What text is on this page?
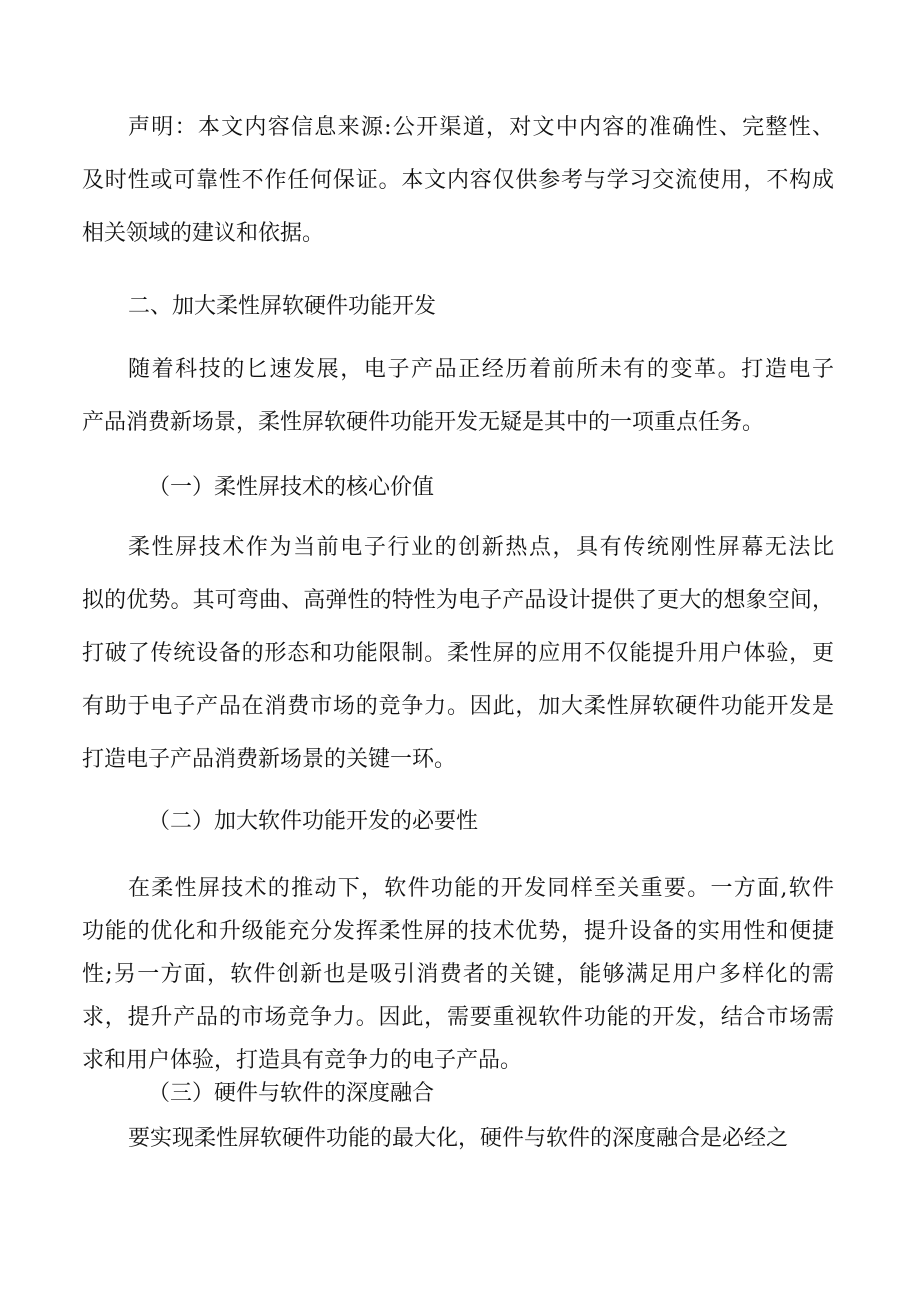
声明：本文内容信息来源:公开渠道，对文中内容的准确性、完整性、
及时性或可靠性不作任何保证。本文内容仅供参考与学习交流使用，不构成
相关领域的建议和依据。
二、加大柔性屏软硬件功能开发
随着科技的匕速发展，电子产品正经历着前所未有的变革。打造电子
产品消费新场景，柔性屏软硬件功能开发无疑是其中的一项重点任务。
（一）柔性屏技术的核心价值
柔性屏技术作为当前电子行业的创新热点，具有传统刚性屏幕无法比
拟的优势。其可弯曲、高弹性的特性为电子产品设计提供了更大的想象空间，
打破了传统设备的形态和功能限制。柔性屏的应用不仅能提升用户体验，更
有助于电子产品在消费市场的竞争力。因此，加大柔性屏软硬件功能开发是
打造电子产品消费新场景的关键一环。
（二）加大软件功能开发的必要性
在柔性屏技术的推动下，软件功能的开发同样至关重要。一方面,软件
功能的优化和升级能充分发挥柔性屏的技术优势，提升设备的实用性和便捷
性;另一方面，软件创新也是吸引消费者的关键，能够满足用户多样化的需
求，提升产品的市场竞争力。因此，需要重视软件功能的开发，结合市场需
求和用户体验，打造具有竞争力的电子产品。
（三）硬件与软件的深度融合
要实现柔性屏软硬件功能的最大化，硬件与软件的深度融合是必经之
